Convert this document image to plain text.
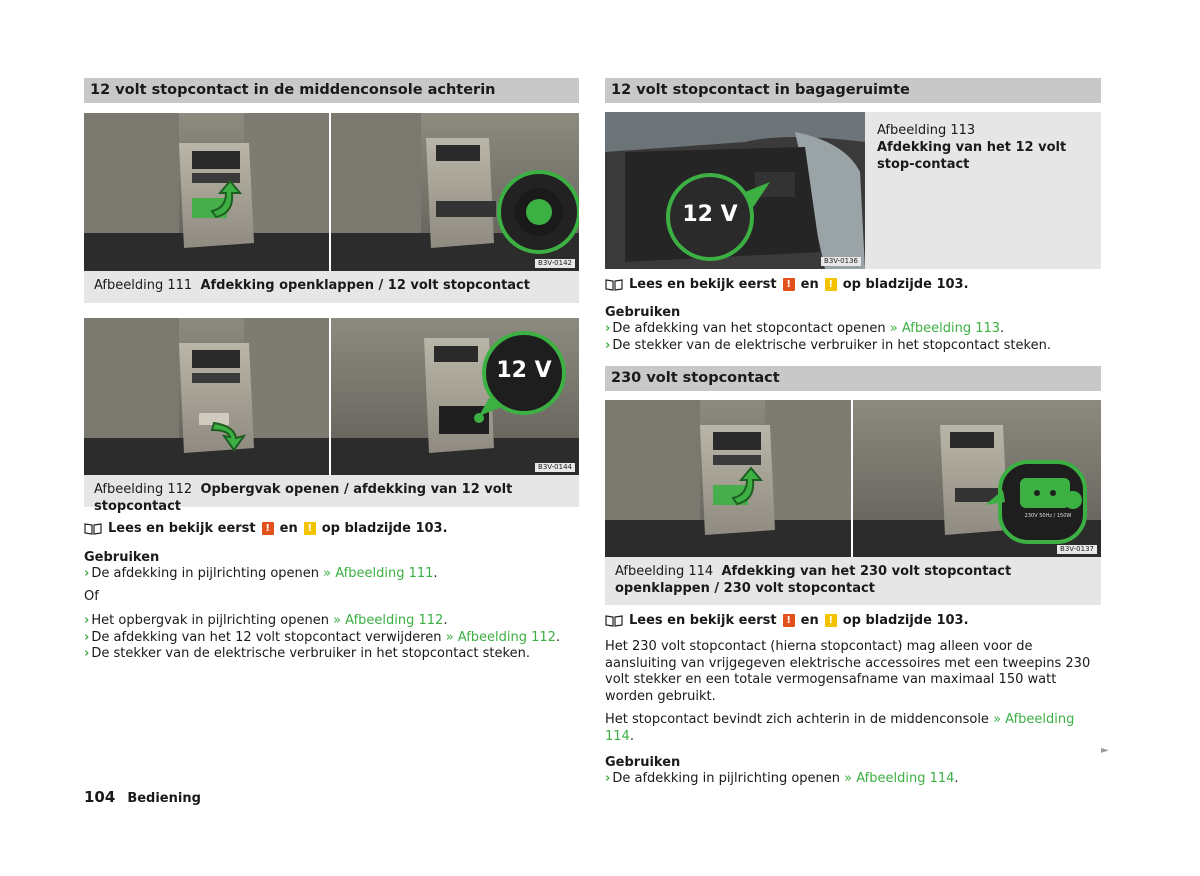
12 volt stopcontact in de middenconsole achterin
B3V-0142
Afbeelding 111 Afdekking openklappen / 12 volt stopcontact
12 V
B3V-0144
Afbeelding 112 Opbergvak openen / afdekking van 12 volt stopcontact
Lees en bekijk eerst ! en ! op bladzijde 103.
Gebruiken
› De afdekking in pijlrichting openen » Afbeelding 111.
Of
› Het opbergvak in pijlrichting openen » Afbeelding 112.
› De afdekking van het 12 volt stopcontact verwijderen » Afbeelding 112.
› De stekker van de elektrische verbruiker in het stopcontact steken.
12 volt stopcontact in bagageruimte
12 V
B3V-0136
Afbeelding 113
Afdekking van het 12 volt stop-contact
Lees en bekijk eerst ! en ! op bladzijde 103.
Gebruiken
› De afdekking van het stopcontact openen » Afbeelding 113.
› De stekker van de elektrische verbruiker in het stopcontact steken.
230 volt stopcontact
230V 50Hz / 150W
B3V-0137
Afbeelding 114 Afdekking van het 230 volt stopcontact openklappen / 230 volt stopcontact
Lees en bekijk eerst ! en ! op bladzijde 103.
Het 230 volt stopcontact (hierna stopcontact) mag alleen voor de aansluiting van vrijgegeven elektrische accessoires met een tweepins 230 volt stekker en een totale vermogensafname van maximaal 150 watt worden gebruikt.
Het stopcontact bevindt zich achterin in de middenconsole » Afbeelding 114.
Gebruiken
› De afdekking in pijlrichting openen » Afbeelding 114.
►
104 Bediening
